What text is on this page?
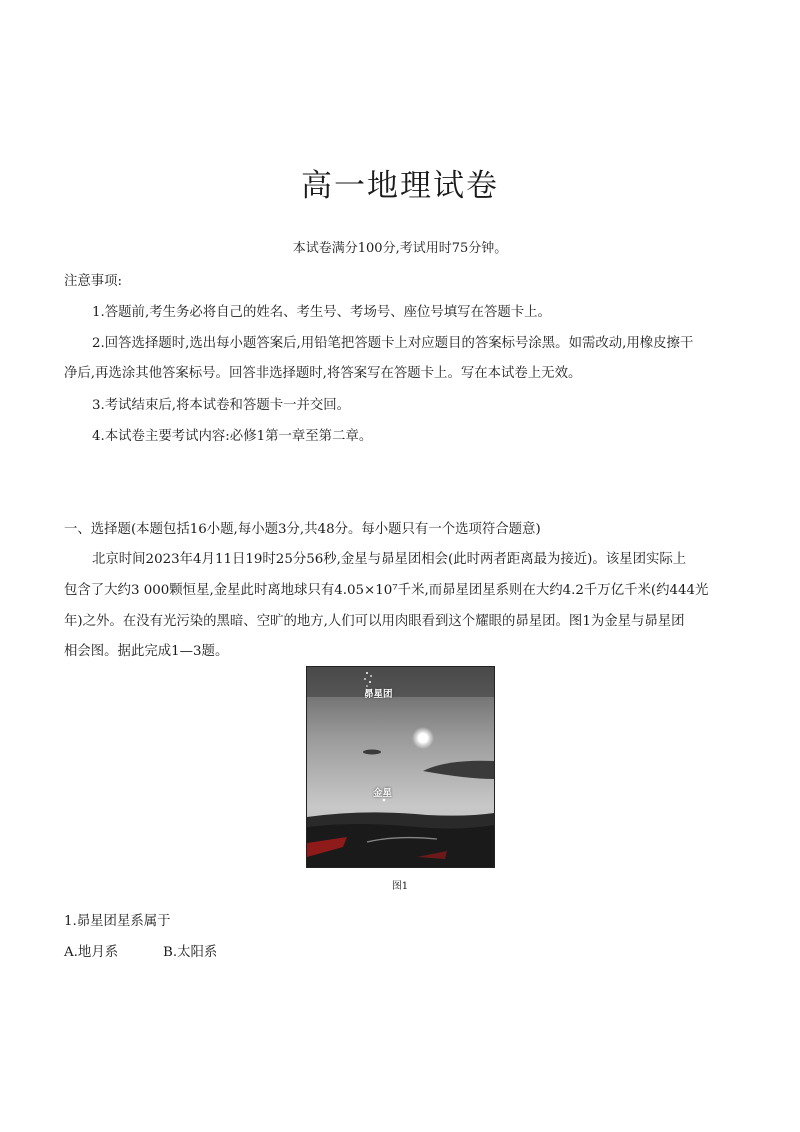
高一地理试卷
本试卷满分100分,考试用时75分钟。
注意事项:
1.答题前,考生务必将自己的姓名、考生号、考场号、座位号填写在答题卡上。
2.回答选择题时,选出每小题答案后,用铅笔把答题卡上对应题目的答案标号涂黑。如需改动,用橡皮擦干
净后,再选涂其他答案标号。回答非选择题时,将答案写在答题卡上。写在本试卷上无效。
3.考试结束后,将本试卷和答题卡一并交回。
4.本试卷主要考试内容:必修1第一章至第二章。
一、选择题(本题包括16小题,每小题3分,共48分。每小题只有一个选项符合题意)
北京时间2023年4月11日19时25分56秒,金星与昴星团相会(此时两者距离最为接近)。该星团实际上
包含了大约3 000颗恒星,金星此时离地球只有4.05×10⁷千米,而昴星团星系则在大约4.2千万亿千米(约444光
年)之外。在没有光污染的黑暗、空旷的地方,人们可以用肉眼看到这个耀眼的昴星团。图1为金星与昴星团
相会图。据此完成1—3题。
昴星团
金星
图1
1.昴星团星系属于
A.地月系	B.太阳系
